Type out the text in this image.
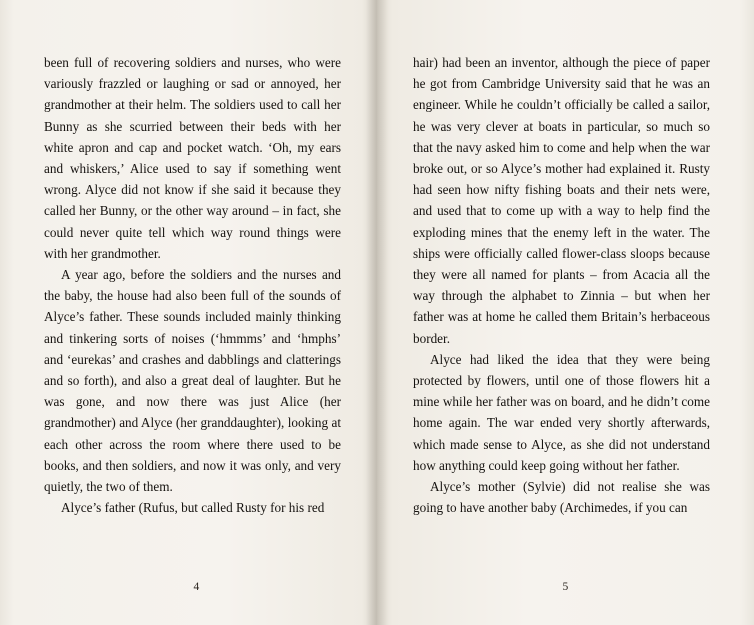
been full of recovering soldiers and nurses, who were variously frazzled or laughing or sad or annoyed, her grandmother at their helm. The soldiers used to call her Bunny as she scurried between their beds with her white apron and cap and pocket watch. ‘Oh, my ears and whiskers,’ Alice used to say if something went wrong. Alyce did not know if she said it because they called her Bunny, or the other way around – in fact, she could never quite tell which way round things were with her grandmother.

A year ago, before the soldiers and the nurses and the baby, the house had also been full of the sounds of Alyce’s father. These sounds included mainly thinking and tinkering sorts of noises (‘hmmms’ and ‘hmphs’ and ‘eurekas’ and crashes and dabblings and clatterings and so forth), and also a great deal of laughter. But he was gone, and now there was just Alice (her grandmother) and Alyce (her granddaughter), looking at each other across the room where there used to be books, and then soldiers, and now it was only, and very quietly, the two of them.

Alyce’s father (Rufus, but called Rusty for his red

4

hair) had been an inventor, although the piece of paper he got from Cambridge University said that he was an engineer. While he couldn’t officially be called a sailor, he was very clever at boats in particular, so much so that the navy asked him to come and help when the war broke out, or so Alyce’s mother had explained it. Rusty had seen how nifty fishing boats and their nets were, and used that to come up with a way to help find the exploding mines that the enemy left in the water. The ships were officially called flower-class sloops because they were all named for plants – from Acacia all the way through the alphabet to Zinnia – but when her father was at home he called them Britain’s herbaceous border.

Alyce had liked the idea that they were being protected by flowers, until one of those flowers hit a mine while her father was on board, and he didn’t come home again. The war ended very shortly afterwards, which made sense to Alyce, as she did not understand how anything could keep going without her father.

Alyce’s mother (Sylvie) did not realise she was going to have another baby (Archimedes, if you can

5
